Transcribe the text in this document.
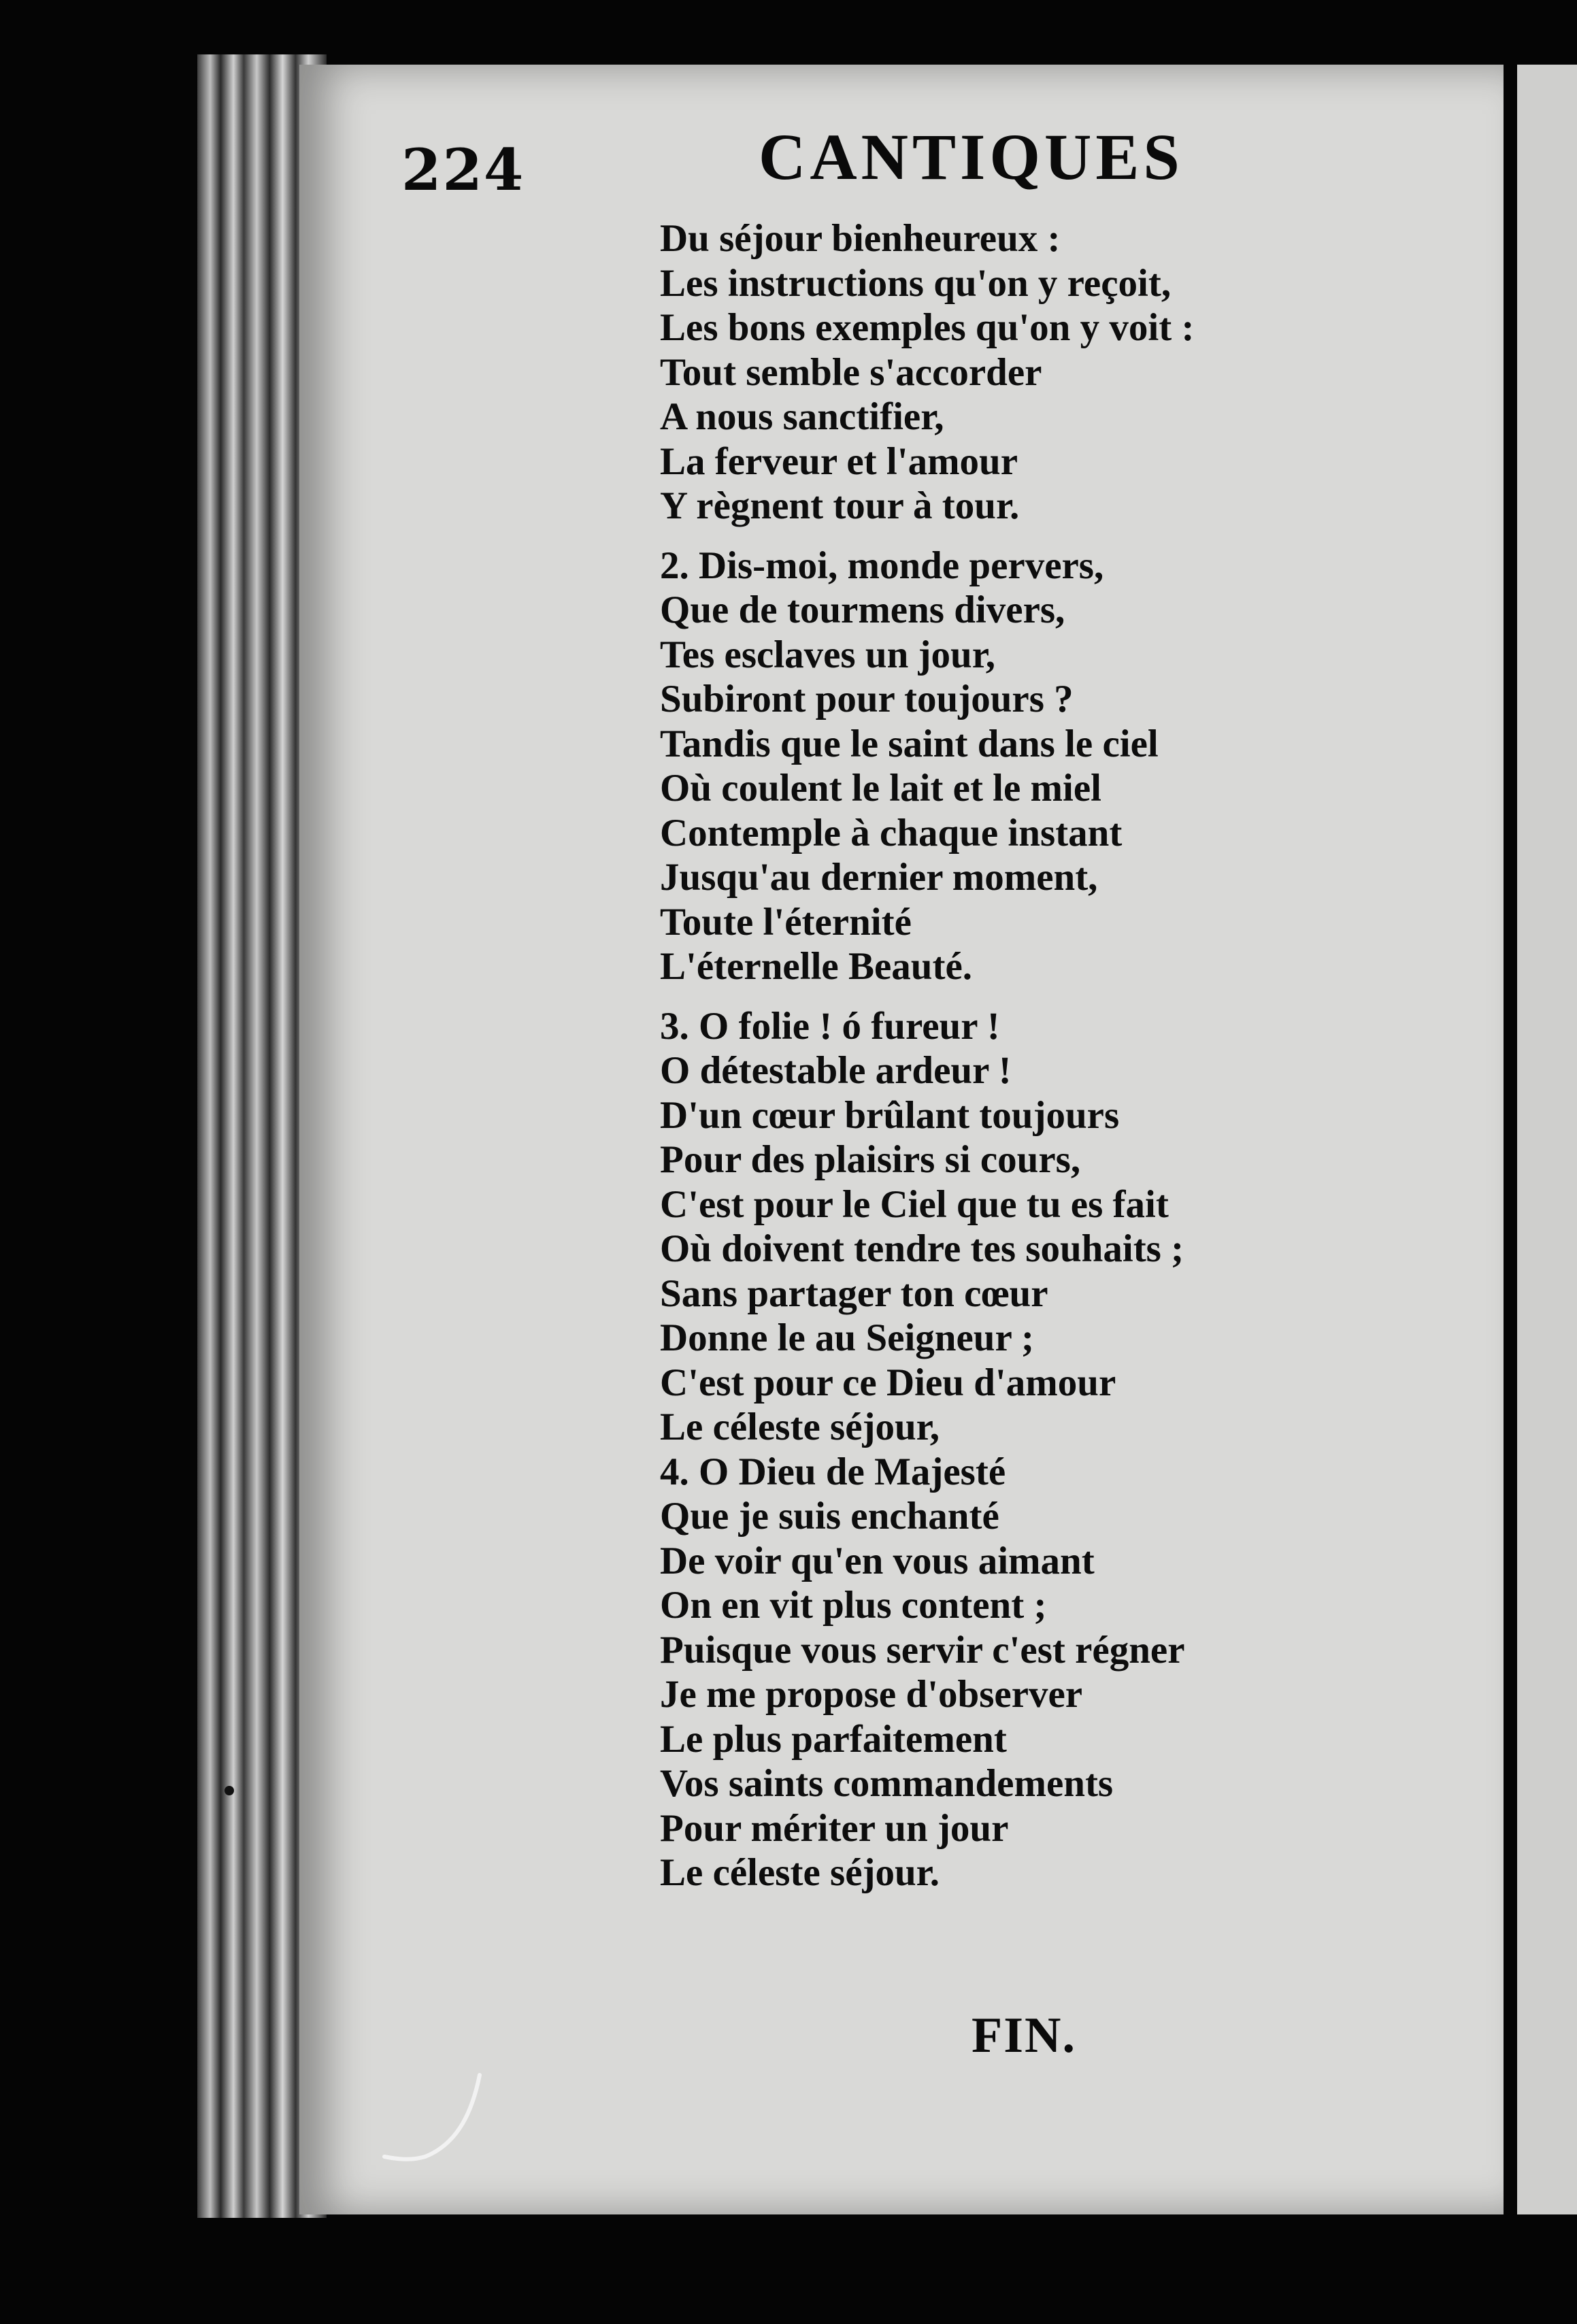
224	CANTIQUES
Du séjour bienheureux :
Les instructions qu'on y reçoit,
Les bons exemples qu'on y voit :
Tout semble s'accorder
A nous sanctifier,
La ferveur et l'amour
Y règnent tour à tour.
2. Dis-moi, monde pervers,
Que de tourmens divers,
Tes esclaves un jour,
Subiront pour toujours ?
Tandis que le saint dans le ciel
Où coulent le lait et le miel
Contemple à chaque instant
Jusqu'au dernier moment,
Toute l'éternité
L'éternelle Beauté.
3. O folie ! ó fureur !
O détestable ardeur !
D'un cœur brûlant toujours
Pour des plaisirs si cours,
C'est pour le Ciel que tu es fait
Où doivent tendre tes souhaits ;
Sans partager ton cœur
Donne le au Seigneur ;
C'est pour ce Dieu d'amour
Le céleste séjour,
4. O Dieu de Majesté
Que je suis enchanté
De voir qu'en vous aimant
On en vit plus content ;
Puisque vous servir c'est régner
Je me propose d'observer
Le plus parfaitement
Vos saints commandements
Pour mériter un jour
Le céleste séjour.
FIN.
